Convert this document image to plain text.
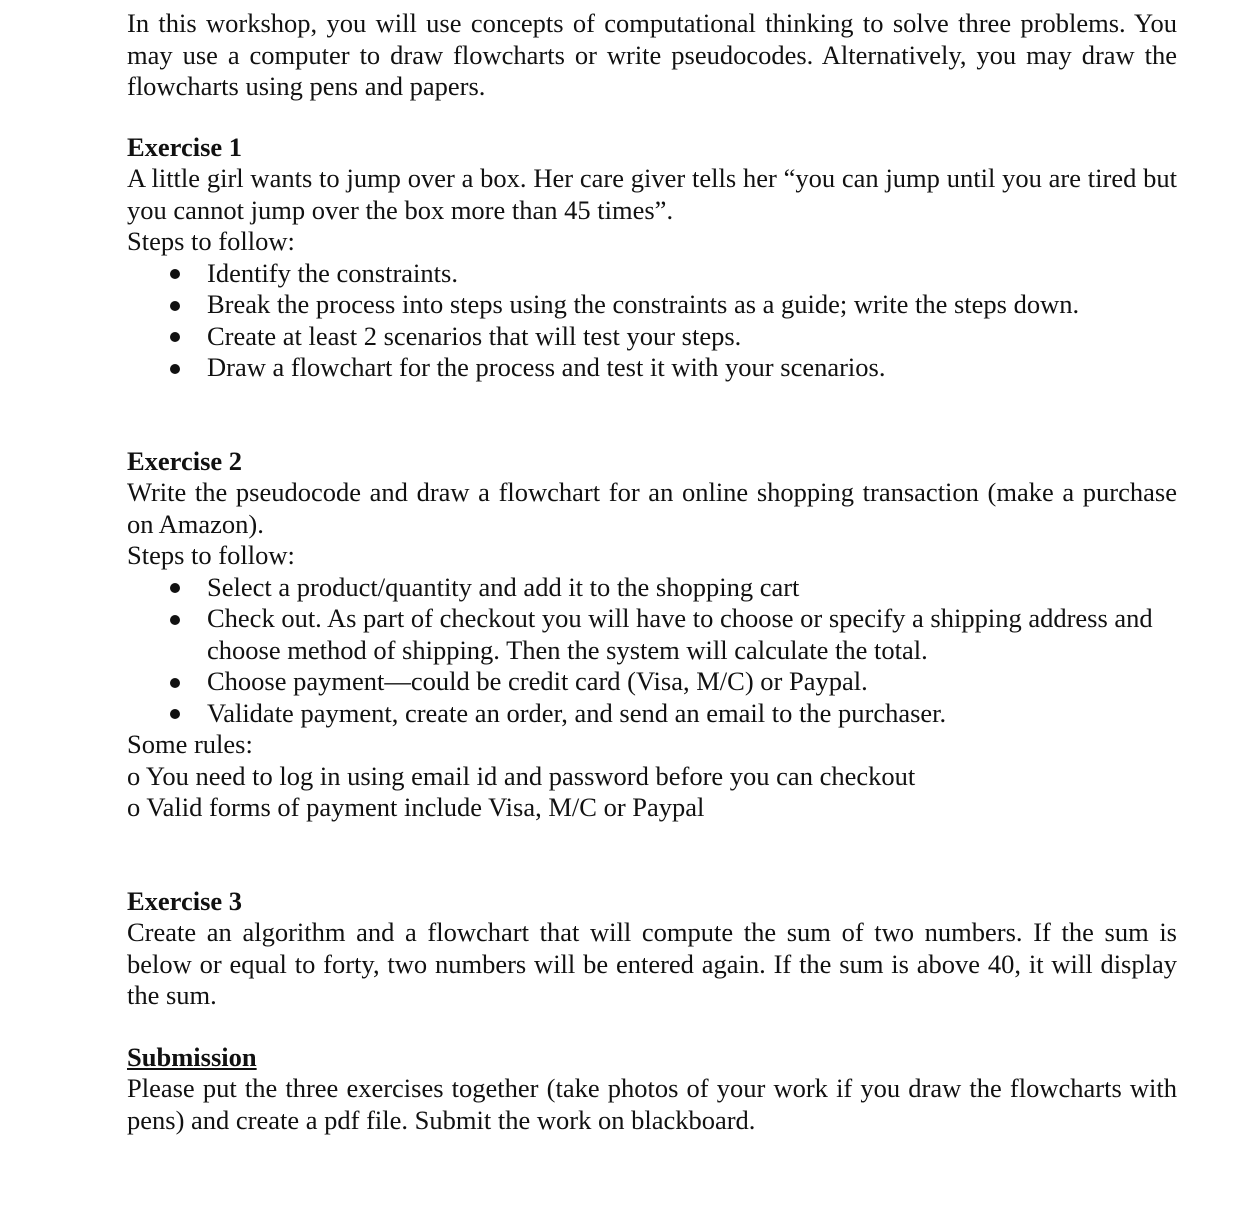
In this workshop, you will use concepts of computational thinking to solve three problems. You may use a computer to draw flowcharts or write pseudocodes. Alternatively, you may draw the flowcharts using pens and papers.

Exercise 1

A little girl wants to jump over a box. Her care giver tells her “you can jump until you are tired but you cannot jump over the box more than 45 times”.

Steps to follow:

Identify the constraints.
Break the process into steps using the constraints as a guide; write the steps down.
Create at least 2 scenarios that will test your steps.
Draw a flowchart for the process and test it with your scenarios.

Exercise 2

Write the pseudocode and draw a flowchart for an online shopping transaction (make a purchase on Amazon).

Steps to follow:

Select a product/quantity and add it to the shopping cart
Check out. As part of checkout you will have to choose or specify a shipping address and choose method of shipping. Then the system will calculate the total.
Choose payment—could be credit card (Visa, M/C) or Paypal.
Validate payment, create an order, and send an email to the purchaser.

Some rules:

o You need to log in using email id and password before you can checkout

o Valid forms of payment include Visa, M/C or Paypal

Exercise 3

Create an algorithm and a flowchart that will compute the sum of two numbers. If the sum is below or equal to forty, two numbers will be entered again. If the sum is above 40, it will display the sum.

Submission

Please put the three exercises together (take photos of your work if you draw the flowcharts with pens) and create a pdf file. Submit the work on blackboard.
